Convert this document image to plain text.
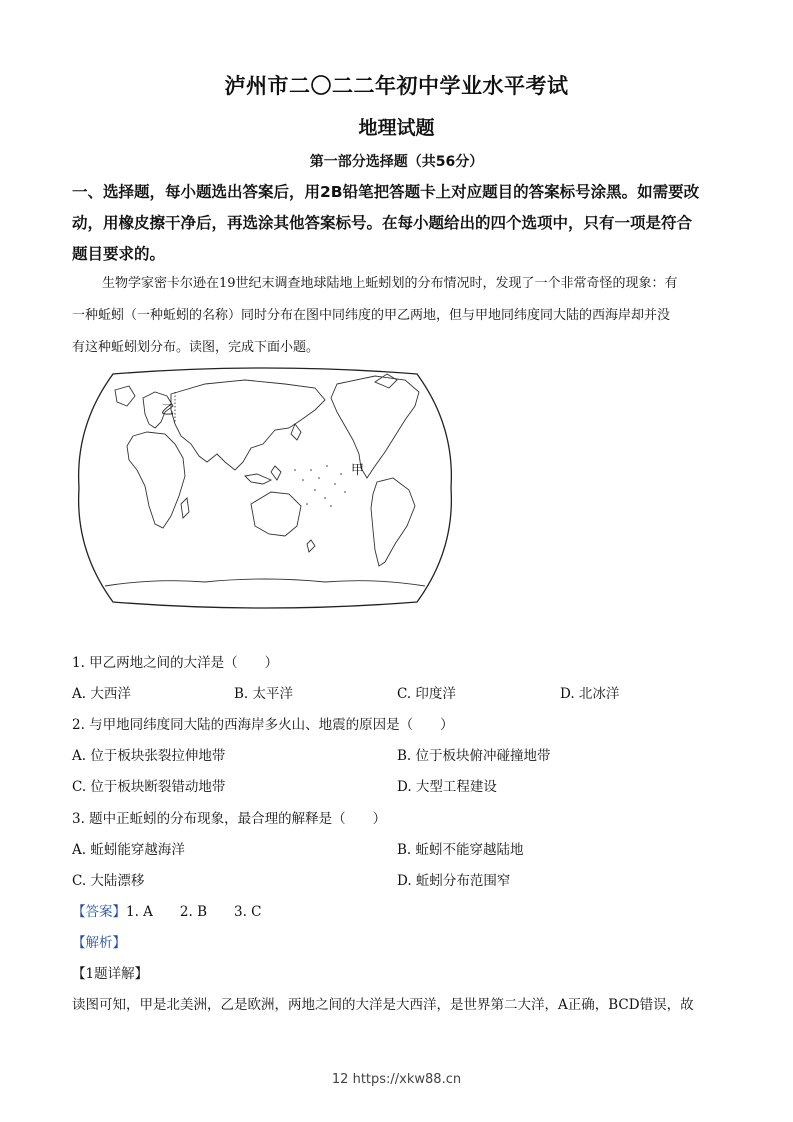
泸州市二〇二二年初中学业水平考试
地理试题
第一部分选择题（共56分）
一、选择题，每小题选出答案后，用2B铅笔把答题卡上对应题目的答案标号涂黑。如需要改
动，用橡皮擦干净后，再选涂其他答案标号。在每小题给出的四个选项中，只有一项是符合
题目要求的。
生物学家密卡尔逊在19世纪末调查地球陆地上蚯蚓划的分布情况时，发现了一个非常奇怪的现象：有
一种蚯蚓（一种蚯蚓的名称）同时分布在图中同纬度的甲乙两地，但与甲地同纬度同大陆的西海岸却并没
有这种蚯蚓划分布。读图，完成下面小题。
乙
甲
1. 甲乙两地之间的大洋是（　　）
A. 大西洋	B. 太平洋	C. 印度洋	D. 北冰洋
2. 与甲地同纬度同大陆的西海岸多火山、地震的原因是（　　）
A. 位于板块张裂拉伸地带	B. 位于板块俯冲碰撞地带
C. 位于板块断裂错动地带	D. 大型工程建设
3. 题中正蚯蚓的分布现象，最合理的解释是（　　）
A. 蚯蚓能穿越海洋	B. 蚯蚓不能穿越陆地
C. 大陆漂移	D. 蚯蚓分布范围窄
【答案】1. A　　2. B　　3. C
【解析】
【1题详解】
读图可知，甲是北美洲，乙是欧洲，两地之间的大洋是大西洋，是世界第二大洋，A正确，BCD错误，故
12 https://xkw88.cn
